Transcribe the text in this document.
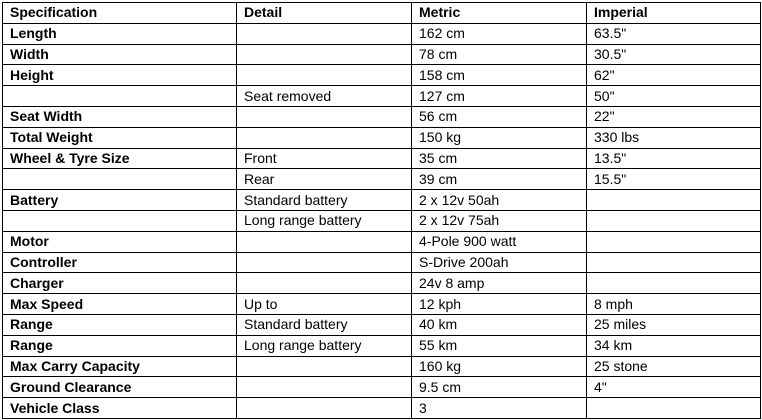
Specification	Detail	Metric	Imperial
Length		162 cm	63.5"
Width		78 cm	30.5"
Height		158 cm	62"
	Seat removed	127 cm	50"
Seat Width		56 cm	22"
Total Weight		150 kg	330 lbs
Wheel & Tyre Size	Front	35 cm	13.5"
	Rear	39 cm	15.5"
Battery	Standard battery	2 x 12v 50ah	
	Long range battery	2 x 12v 75ah	
Motor		4-Pole 900 watt	
Controller		S-Drive 200ah	
Charger		24v 8 amp	
Max Speed	Up to	12 kph	8 mph
Range	Standard battery	40 km	25 miles
Range	Long range battery	55 km	34 km
Max Carry Capacity		160 kg	25 stone
Ground Clearance		9.5 cm	4"
Vehicle Class		3	
